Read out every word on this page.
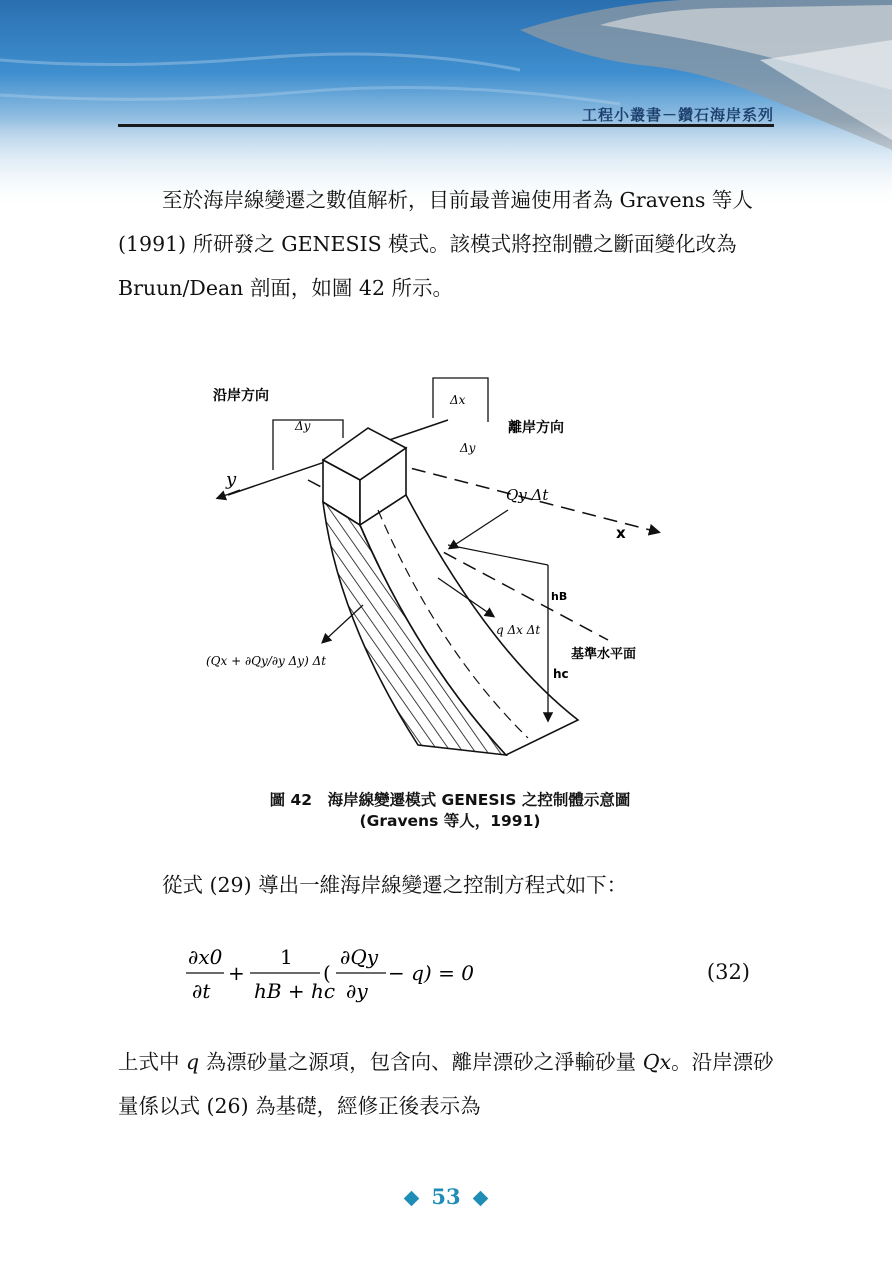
工程小叢書－鑽石海岸系列

至於海岸線變遷之數值解析，目前最普遍使用者為 Gravens 等人 (1991) 所研發之 GENESIS 模式。該模式將控制體之斷面變化改為 Bruun/Dean 剖面，如圖 42 所示。

沿岸方向
離岸方向
Δy
Δx
Δy
y
x
Qy Δt
hB
q Δx Δt
基準水平面
hc
(Qx + ∂Qy/∂y Δy) Δt
圖 42　海岸線變遷模式 GENESIS 之控制體示意圖
(Gravens 等人，1991)

從式 (29) 導出一維海岸線變遷之控制方程式如下：

∂x0
∂t
+
1
hB + hc
(
∂Qy
∂y
− q) = 0	(32)

上式中 q 為漂砂量之源項，包含向、離岸漂砂之淨輸砂量 Qx。沿岸漂砂量係以式 (26) 為基礎，經修正後表示為

53
